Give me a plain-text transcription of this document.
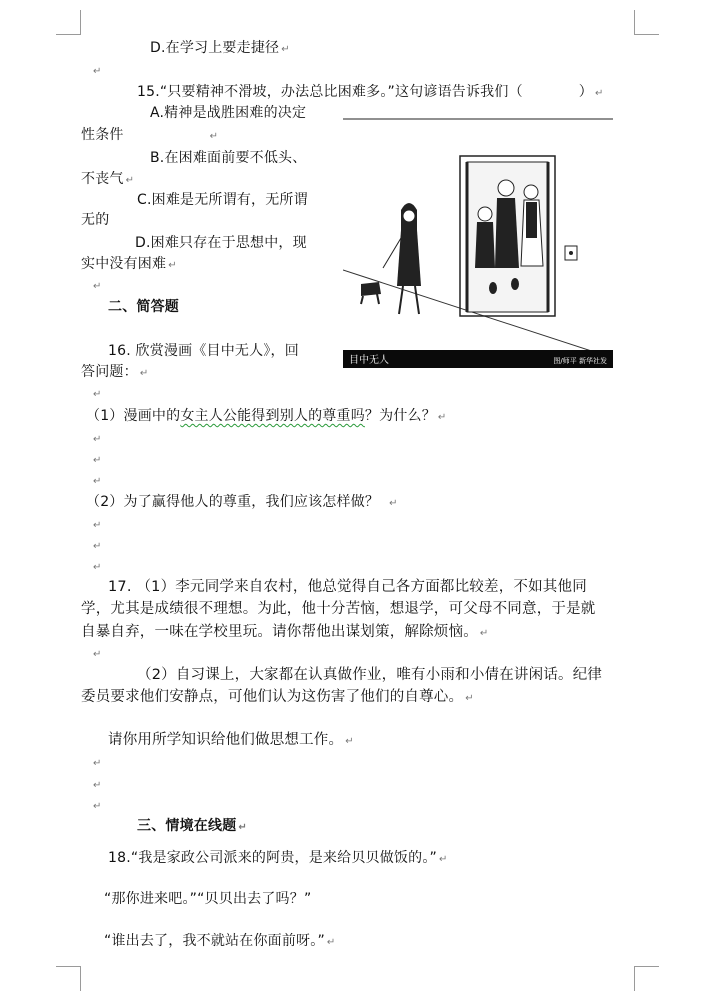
D.在学习上要走捷径 ↵
↵
15.“只要精神不滑坡，办法总比困难多。”这句谚语告诉我们（	） ↵
A.精神是战胜困难的决定
性条件	↵
B.在困难面前要不低头、
不丧气 ↵
C.困难是无所谓有，无所谓
无的
D.困难只存在于思想中，现
实中没有困难 ↵
↵
二、简答题
16. 欣赏漫画《目中无人》，回
答问题： ↵
↵
（1）漫画中的女主人公能得到别人的尊重吗？为什么？ ↵
↵
↵
↵
（2）为了赢得他人的尊重，我们应该怎样做？ ↵
↵
↵
↵
17. （1）李元同学来自农村，他总觉得自己各方面都比较差，不如其他同
学，尤其是成绩很不理想。为此，他十分苦恼，想退学，可父母不同意，于是就
自暴自弃，一味在学校里玩。请你帮他出谋划策，解除烦恼。 ↵
↵
（2）自习课上，大家都在认真做作业，唯有小雨和小倩在讲闲话。纪律
委员要求他们安静点，可他们认为这伤害了他们的自尊心。 ↵
请你用所学知识给他们做思想工作。 ↵
↵
↵
↵
三、情境在线题 ↵
18.“我是家政公司派来的阿贵，是来给贝贝做饭的。” ↵
“那你进来吧。”“贝贝出去了吗？”
“谁出去了，我不就站在你面前呀。” ↵
目中无人	图/师平 新华社发
